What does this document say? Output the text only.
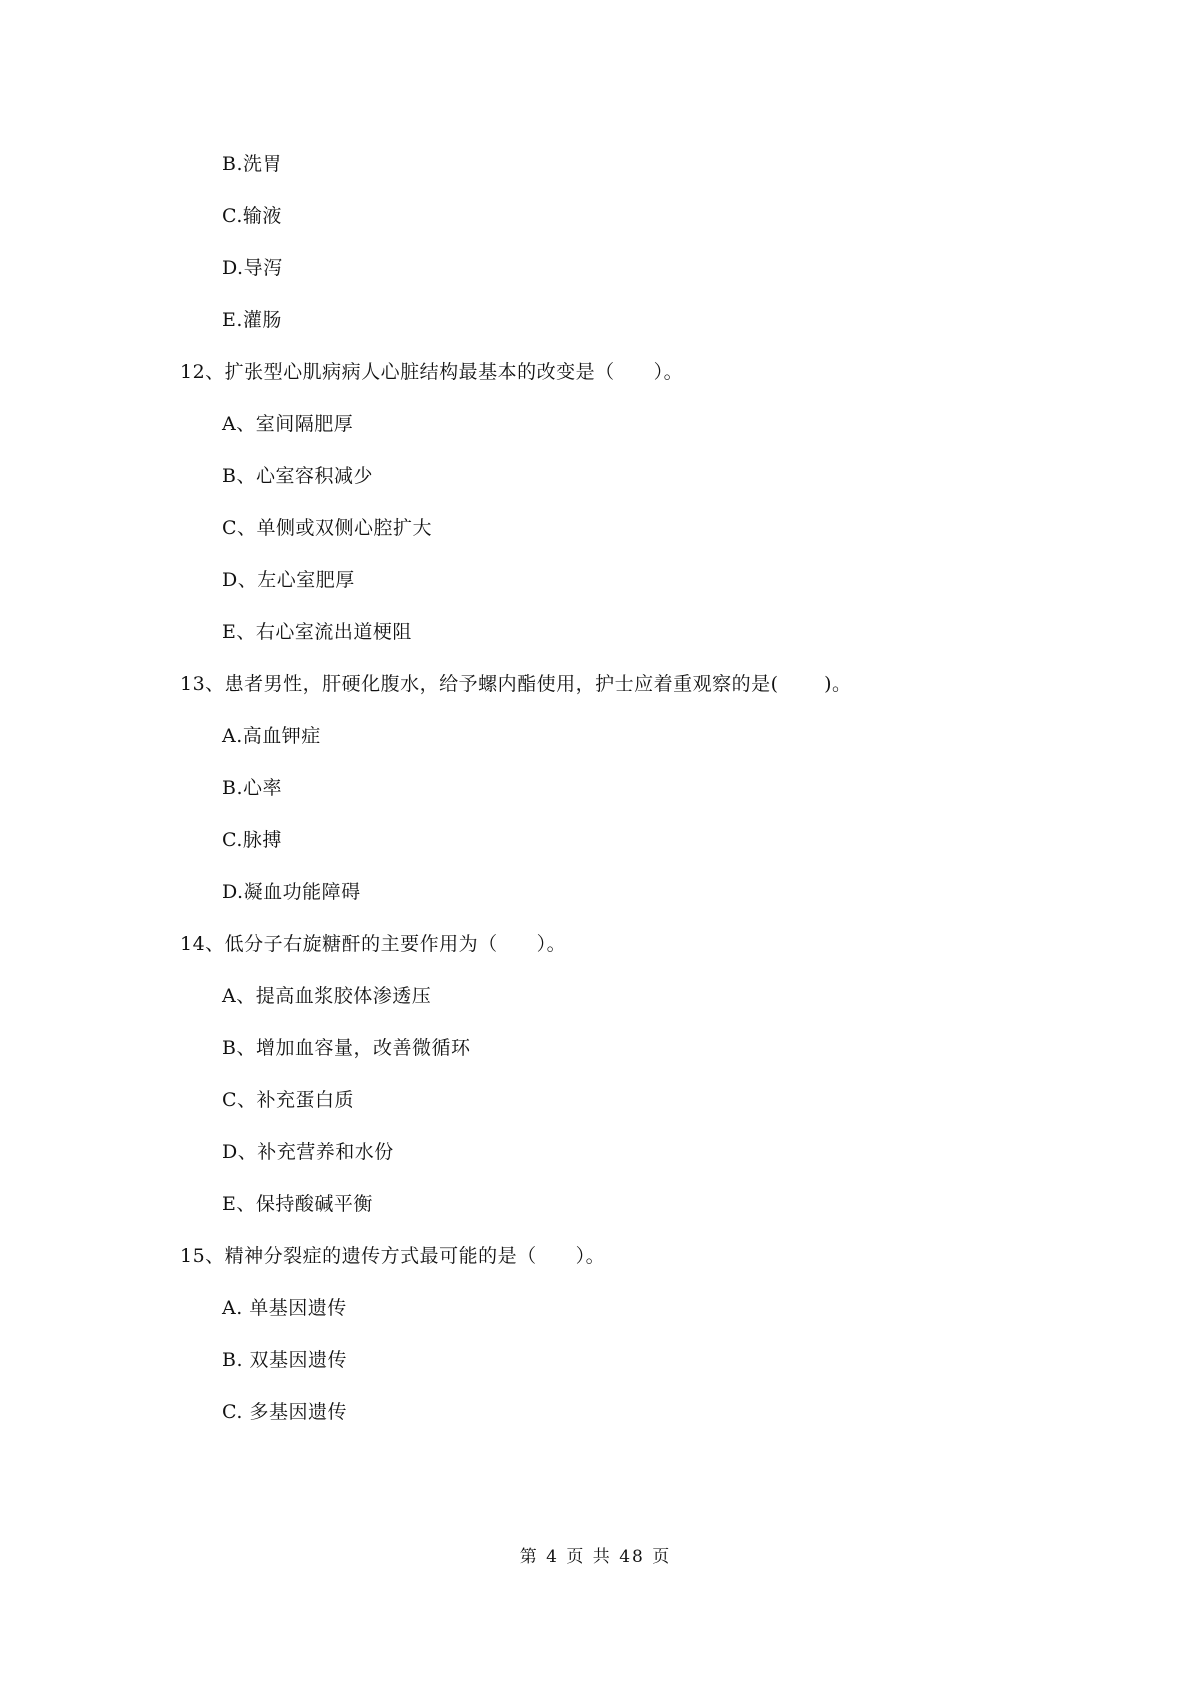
B.洗胃
C.输液
D.导泻
E.灌肠
12、扩张型心肌病病人心脏结构最基本的改变是（　　）。
A、室间隔肥厚
B、心室容积减少
C、单侧或双侧心腔扩大
D、左心室肥厚
E、右心室流出道梗阻
13、患者男性，肝硬化腹水，给予螺内酯使用，护士应着重观察的是(　　 )。
A.高血钾症
B.心率
C.脉搏
D.凝血功能障碍
14、低分子右旋糖酐的主要作用为（　　）。
A、提高血浆胶体渗透压
B、增加血容量，改善微循环
C、补充蛋白质
D、补充营养和水份
E、保持酸碱平衡
15、精神分裂症的遗传方式最可能的是（　　）。
A. 单基因遗传
B. 双基因遗传
C. 多基因遗传
第 4 页 共 48 页
